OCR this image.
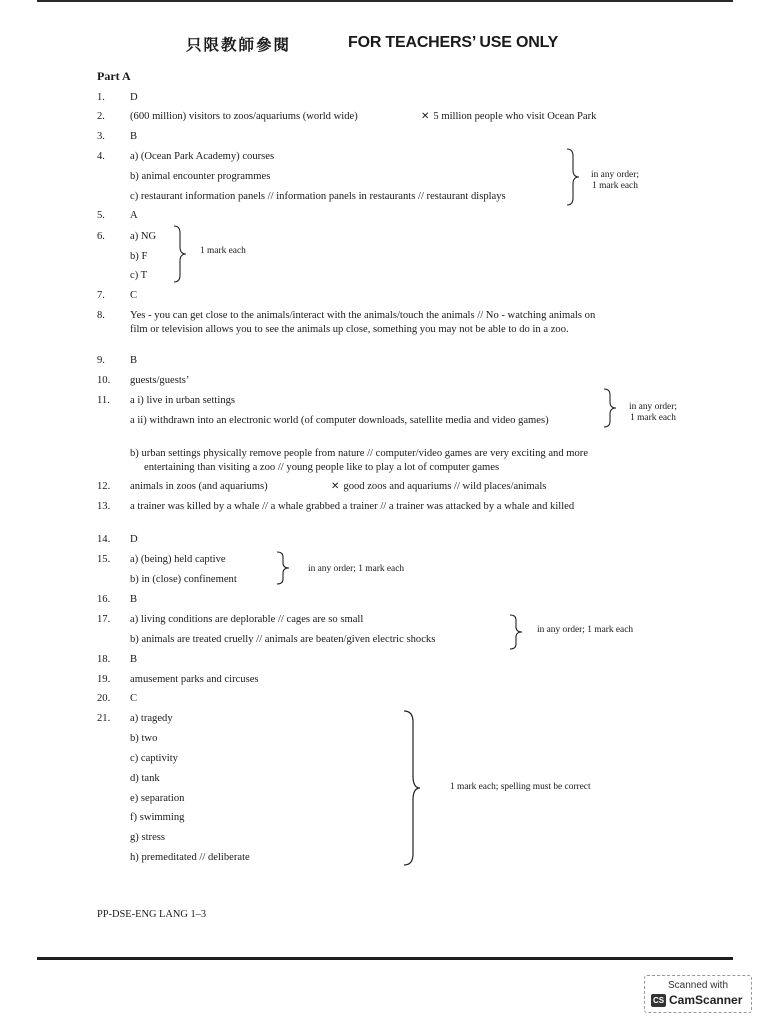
只限教師參閱	FOR TEACHERS’ USE ONLY
Part A
1.	D
2.	(600 million) visitors to zoos/aquariums (world wide)	✕ 5 million people who visit Ocean Park
3.	B
4.	a) (Ocean Park Academy) courses
b) animal encounter programmes
c) restaurant information panels // information panels in restaurants // restaurant displays
5.	A
6.	a) NG
b) F
c) T
7.	C
8.	Yes - you can get close to the animals/interact with the animals/touch the animals // No - watching animals on film or television allows you to see the animals up close, something you may not be able to do in a zoo.
9.	B
10.	guests/guests’
11.	a i) live in urban settings
a ii) withdrawn into an electronic world (of computer downloads, satellite media and video games)
b) urban settings physically remove people from nature // computer/video games are very exciting and more entertaining than visiting a zoo // young people like to play a lot of computer games
12.	animals in zoos (and aquariums)	✕ good zoos and aquariums // wild places/animals
13.	a trainer was killed by a whale // a whale grabbed a trainer // a trainer was attacked by a whale and killed
14.	D
15.	a) (being) held captive
b) in (close) confinement
16.	B
17.	a) living conditions are deplorable // cages are so small
b) animals are treated cruelly // animals are beaten/given electric shocks
18.	B
19.	amusement parks and circuses
20.	C
21.	a) tragedy
b) two
c) captivity
d) tank
e) separation
f) swimming
g) stress
h) premeditated // deliberate
in any order;
1 mark each
1 mark each
in any order;
1 mark each
in any order; 1 mark each
in any order; 1 mark each
1 mark each; spelling must be correct
PP-DSE-ENG LANG 1–3
Scanned with
CS CamScanner
